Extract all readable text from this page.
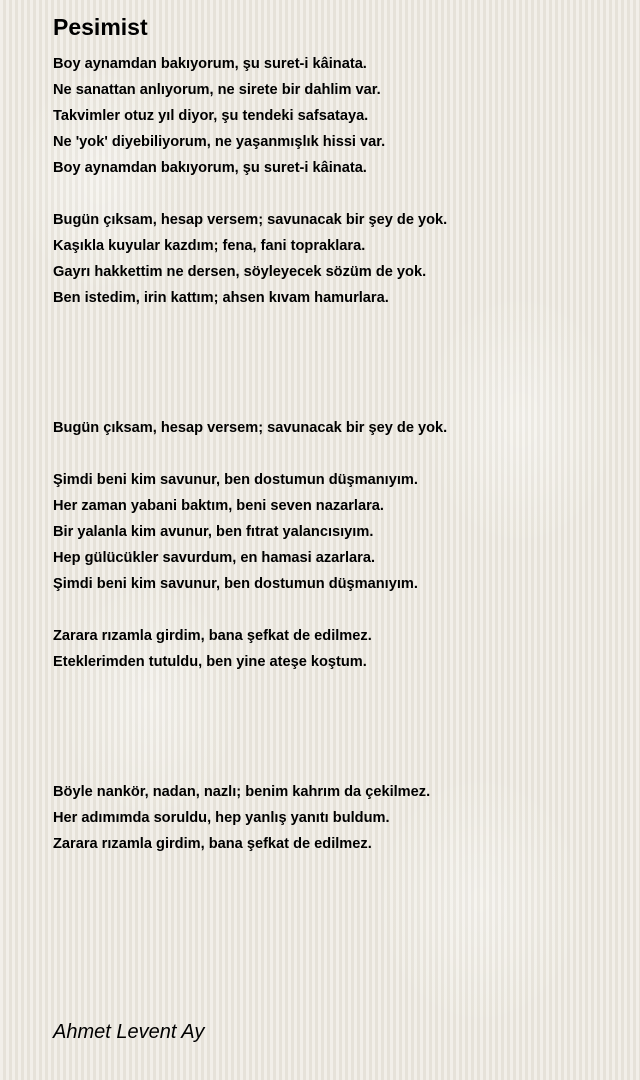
Pesimist
Boy aynamdan bakıyorum, şu suret-i kâinata.
Ne sanattan anlıyorum, ne sirete bir dahlim var.
Takvimler otuz yıl diyor, şu tendeki safsataya.
Ne 'yok' diyebiliyorum, ne yaşanmışlık hissi var.
Boy aynamdan bakıyorum, şu suret-i kâinata.
Bugün çıksam, hesap versem; savunacak bir şey de yok.
Kaşıkla kuyular kazdım; fena, fani topraklara.
Gayrı hakkettim ne dersen, söyleyecek sözüm de yok.
Ben istedim, irin kattım; ahsen kıvam hamurlara.
Bugün çıksam, hesap versem; savunacak bir şey de yok.
Şimdi beni kim savunur, ben dostumun düşmanıyım.
Her zaman yabani baktım, beni seven nazarlara.
Bir yalanla kim avunur, ben fıtrat yalancısıyım.
Hep gülücükler savurdum, en hamasi azarlara.
Şimdi beni kim savunur, ben dostumun düşmanıyım.
Zarara rızamla girdim, bana şefkat de edilmez.
Eteklerimden tutuldu, ben yine ateşe koştum.
Böyle nankör, nadan, nazlı; benim kahrım da çekilmez.
Her adımımda soruldu, hep yanlış yanıtı buldum.
Zarara rızamla girdim, bana şefkat de edilmez.

Ahmet Levent Ay
